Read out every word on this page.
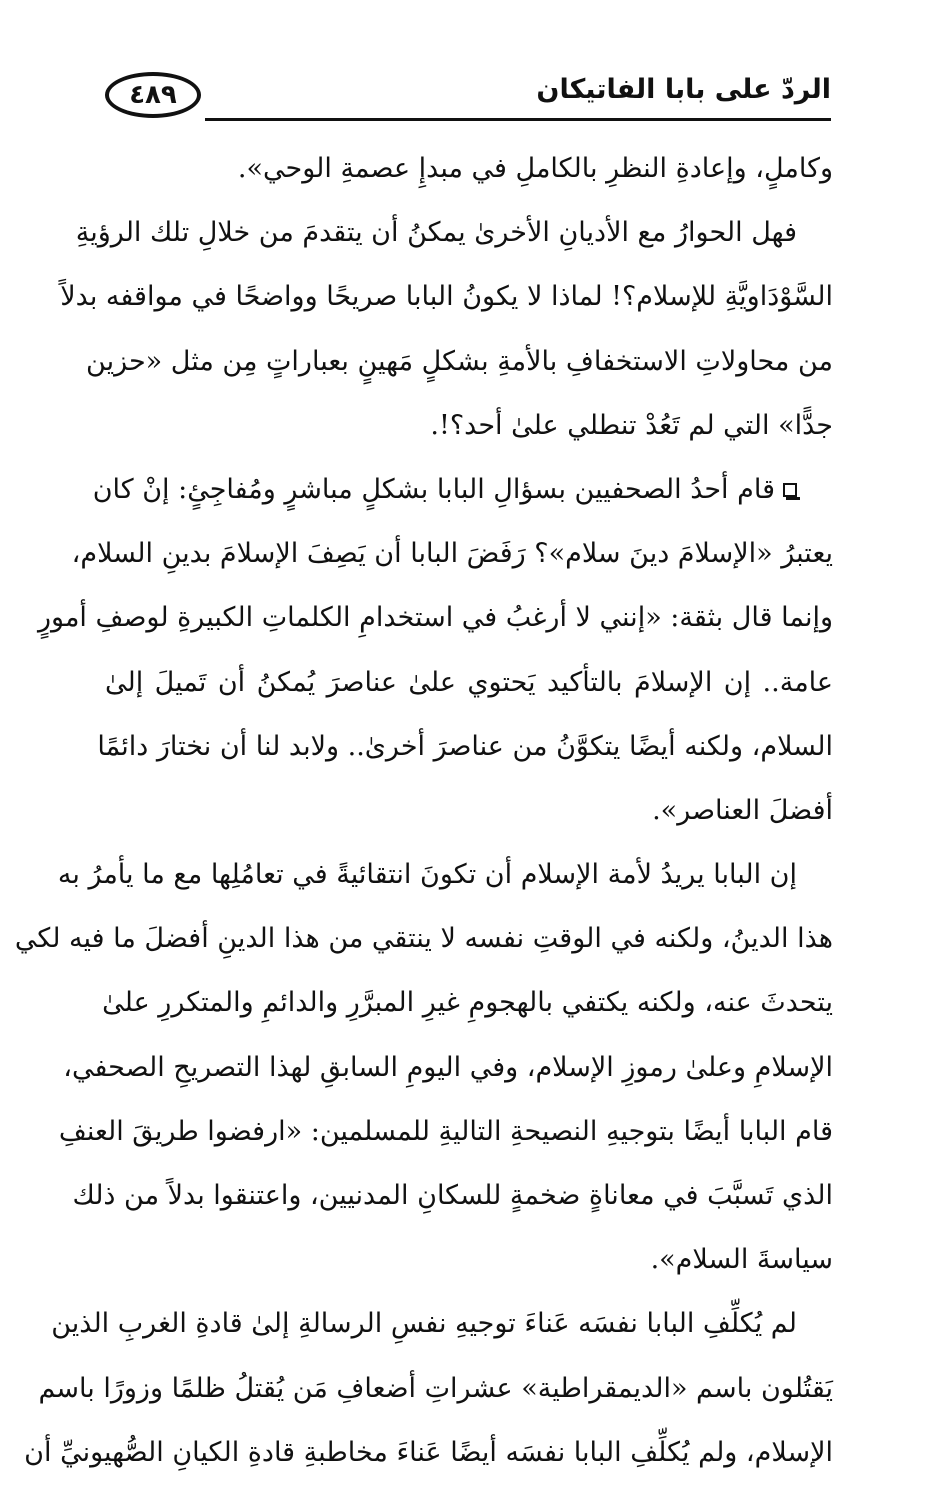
٤٨٩	الردّ على بابا الفاتيكان
وكاملٍ، وإعادةِ النظرِ بالكاملِ في مبدإِ عصمةِ الوحي».
فهل الحوارُ مع الأديانِ الأخرىٰ يمكنُ أن يتقدمَ من خلالِ تلك الرؤيةِ
السَّوْدَاويَّةِ للإسلام؟! لماذا لا يكونُ البابا صريحًا وواضحًا في مواقفه بدلاً
من محاولاتِ الاستخفافِ بالأمةِ بشكلٍ مَهينٍ بعباراتٍ مِن مثل «حزين
جدًّا» التي لم تَعُدْ تنطلي علىٰ أحد؟!.
قام أحدُ الصحفيين بسؤالِ البابا بشكلٍ مباشرٍ ومُفاجِئٍ: إنْ كان
يعتبرُ «الإسلامَ دينَ سلام»؟ رَفَضَ البابا أن يَصِفَ الإسلامَ بدينِ السلام،
وإنما قال بثقة: «إنني لا أرغبُ في استخدامِ الكلماتِ الكبيرةِ لوصفِ أمورٍ
عامة.. إن الإسلامَ بالتأكيد يَحتوي علىٰ عناصرَ يُمكنُ أن تَميلَ إلىٰ
السلام، ولكنه أيضًا يتكوَّنُ من عناصرَ أخرىٰ.. ولابد لنا أن نختارَ دائمًا
أفضلَ العناصر».
إن البابا يريدُ لأمة الإسلام أن تكونَ انتقائيةً في تعامُلِها مع ما يأمرُ به
هذا الدينُ، ولكنه في الوقتِ نفسه لا ينتقي من هذا الدينِ أفضلَ ما فيه لكي
يتحدثَ عنه، ولكنه يكتفي بالهجومِ غيرِ المبرَّرِ والدائمِ والمتكررِ علىٰ
الإسلامِ وعلىٰ رموزِ الإسلام، وفي اليومِ السابقِ لهذا التصريحِ الصحفي،
قام البابا أيضًا بتوجيهِ النصيحةِ التاليةِ للمسلمين: «ارفضوا طريقَ العنفِ
الذي تَسبَّبَ في معاناةٍ ضخمةٍ للسكانِ المدنيين، واعتنقوا بدلاً من ذلك
سياسةَ السلام».
لم يُكلِّفِ البابا نفسَه عَناءَ توجيهِ نفسِ الرسالةِ إلىٰ قادةِ الغربِ الذين
يَقتُلون باسم «الديمقراطية» عشراتِ أضعافِ مَن يُقتلُ ظلمًا وزورًا باسم
الإسلام، ولم يُكلِّفِ البابا نفسَه أيضًا عَناءَ مخاطبةِ قادةِ الكيانِ الصُّهيونيِّ أن
